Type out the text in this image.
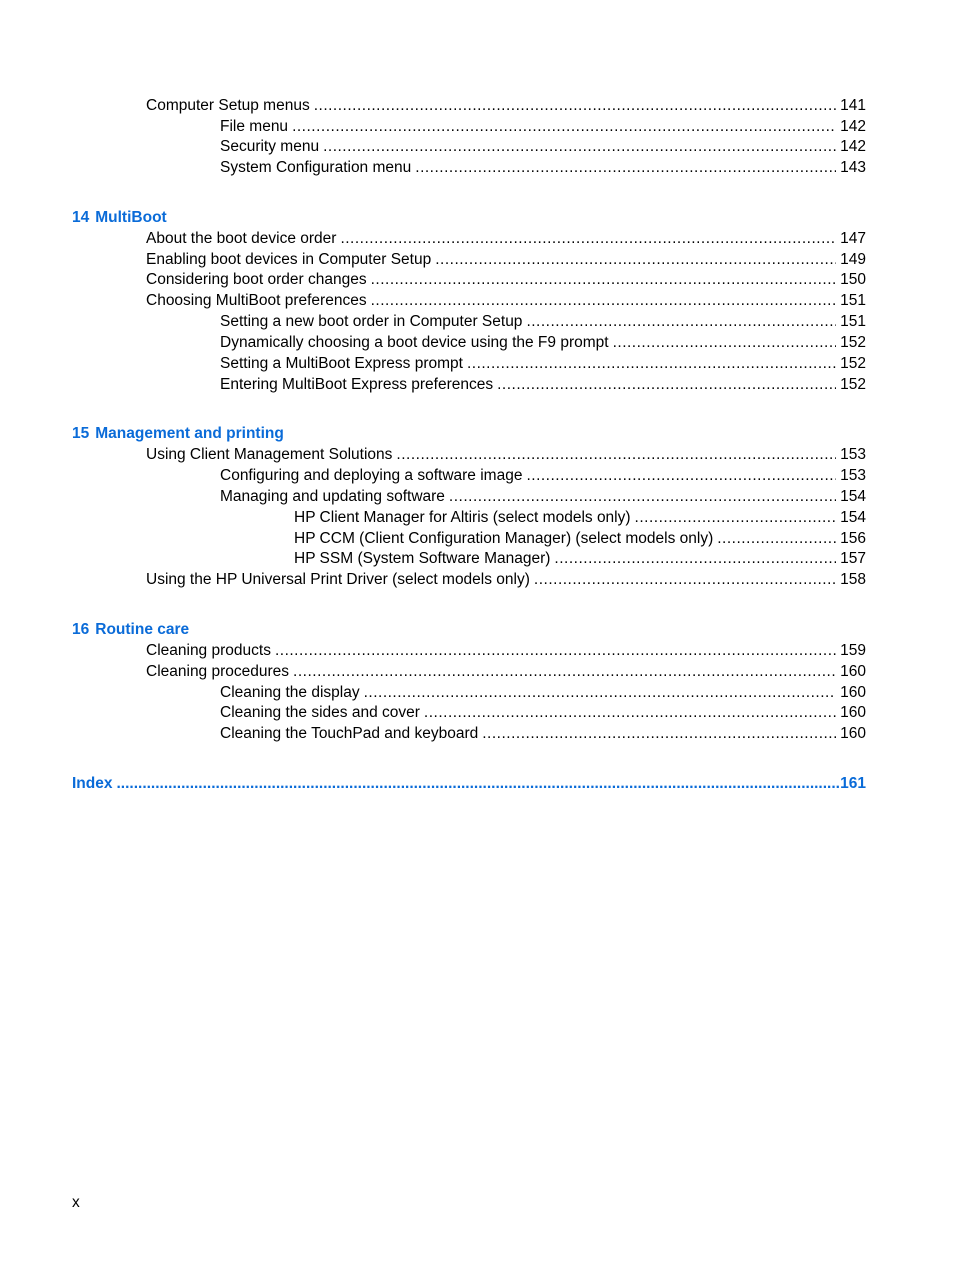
Computer Setup menus .....	141
File menu .....	142
Security menu .....	142
System Configuration menu .....	143
14 MultiBoot
About the boot device order .....	147
Enabling boot devices in Computer Setup .....	149
Considering boot order changes .....	150
Choosing MultiBoot preferences .....	151
Setting a new boot order in Computer Setup .....	151
Dynamically choosing a boot device using the F9 prompt .....	152
Setting a MultiBoot Express prompt .....	152
Entering MultiBoot Express preferences .....	152
15 Management and printing
Using Client Management Solutions .....	153
Configuring and deploying a software image .....	153
Managing and updating software .....	154
HP Client Manager for Altiris (select models only) .....	154
HP CCM (Client Configuration Manager) (select models only) .....	156
HP SSM (System Software Manager) .....	157
Using the HP Universal Print Driver (select models only) .....	158
16 Routine care
Cleaning products .....	159
Cleaning procedures .....	160
Cleaning the display .....	160
Cleaning the sides and cover .....	160
Cleaning the TouchPad and keyboard .....	160
Index .....	161
x
